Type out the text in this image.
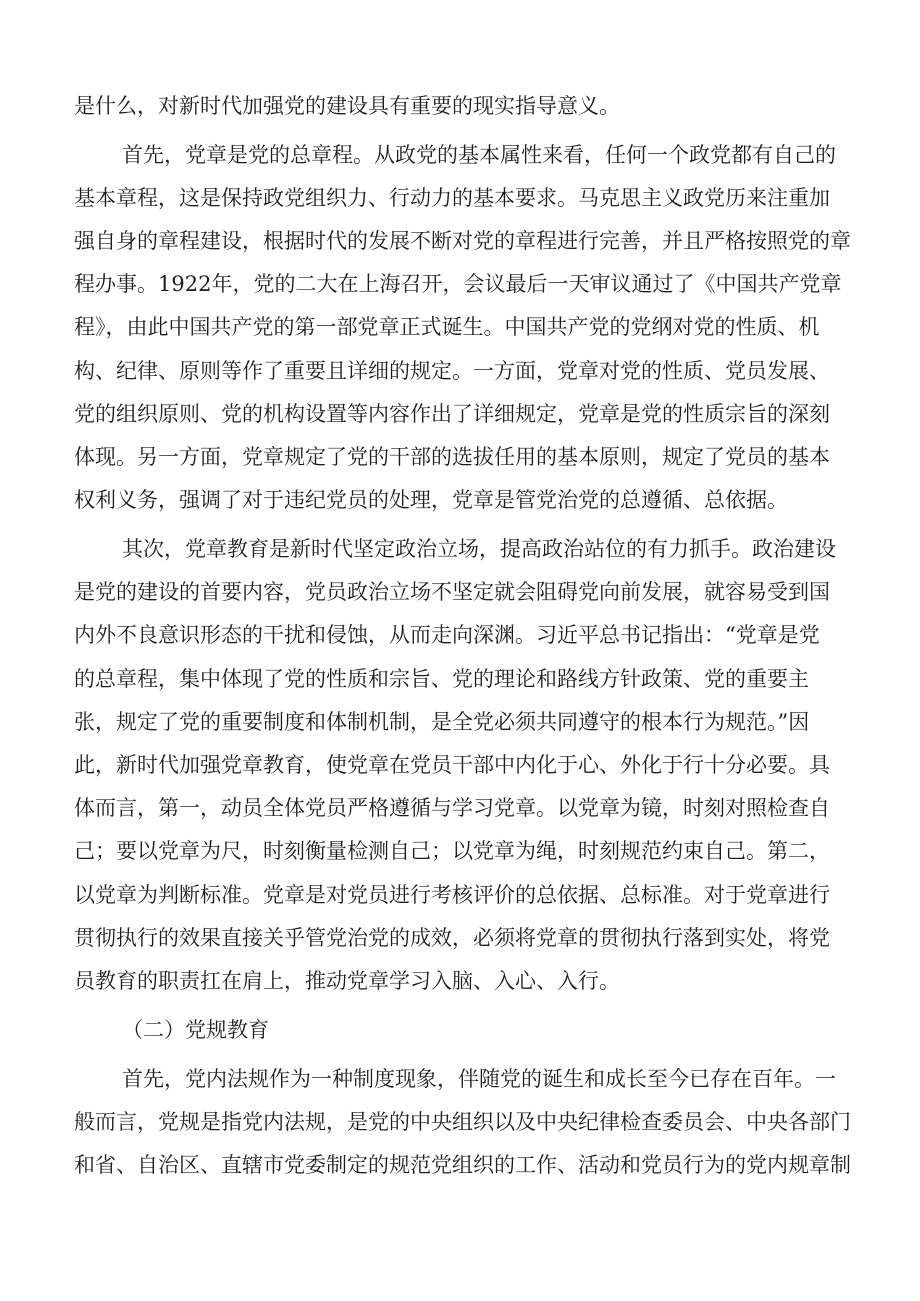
是什么，对新时代加强党的建设具有重要的现实指导意义。
首先，党章是党的总章程。从政党的基本属性来看，任何一个政党都有自己的
基本章程，这是保持政党组织力、行动力的基本要求。马克思主义政党历来注重加
强自身的章程建设，根据时代的发展不断对党的章程进行完善，并且严格按照党的章
程办事。1922年，党的二大在上海召开，会议最后一天审议通过了《中国共产党章
程》，由此中国共产党的第一部党章正式诞生。中国共产党的党纲对党的性质、机
构、纪律、原则等作了重要且详细的规定。一方面，党章对党的性质、党员发展、
党的组织原则、党的机构设置等内容作出了详细规定，党章是党的性质宗旨的深刻
体现。另一方面，党章规定了党的干部的选拔任用的基本原则，规定了党员的基本
权利义务，强调了对于违纪党员的处理，党章是管党治党的总遵循、总依据。
其次，党章教育是新时代坚定政治立场，提高政治站位的有力抓手。政治建设
是党的建设的首要内容，党员政治立场不坚定就会阻碍党向前发展，就容易受到国
内外不良意识形态的干扰和侵蚀，从而走向深渊。习近平总书记指出：“党章是党
的总章程，集中体现了党的性质和宗旨、党的理论和路线方针政策、党的重要主
张，规定了党的重要制度和体制机制，是全党必须共同遵守的根本行为规范。”因
此，新时代加强党章教育，使党章在党员干部中内化于心、外化于行十分必要。具
体而言，第一，动员全体党员严格遵循与学习党章。以党章为镜，时刻对照检查自
己；要以党章为尺，时刻衡量检测自己；以党章为绳，时刻规范约束自己。第二，
以党章为判断标准。党章是对党员进行考核评价的总依据、总标准。对于党章进行
贯彻执行的效果直接关乎管党治党的成效，必须将党章的贯彻执行落到实处，将党
员教育的职责扛在肩上，推动党章学习入脑、入心、入行。
（二）党规教育
首先，党内法规作为一种制度现象，伴随党的诞生和成长至今已存在百年。一
般而言，党规是指党内法规，是党的中央组织以及中央纪律检查委员会、中央各部门
和省、自治区、直辖市党委制定的规范党组织的工作、活动和党员行为的党内规章制
